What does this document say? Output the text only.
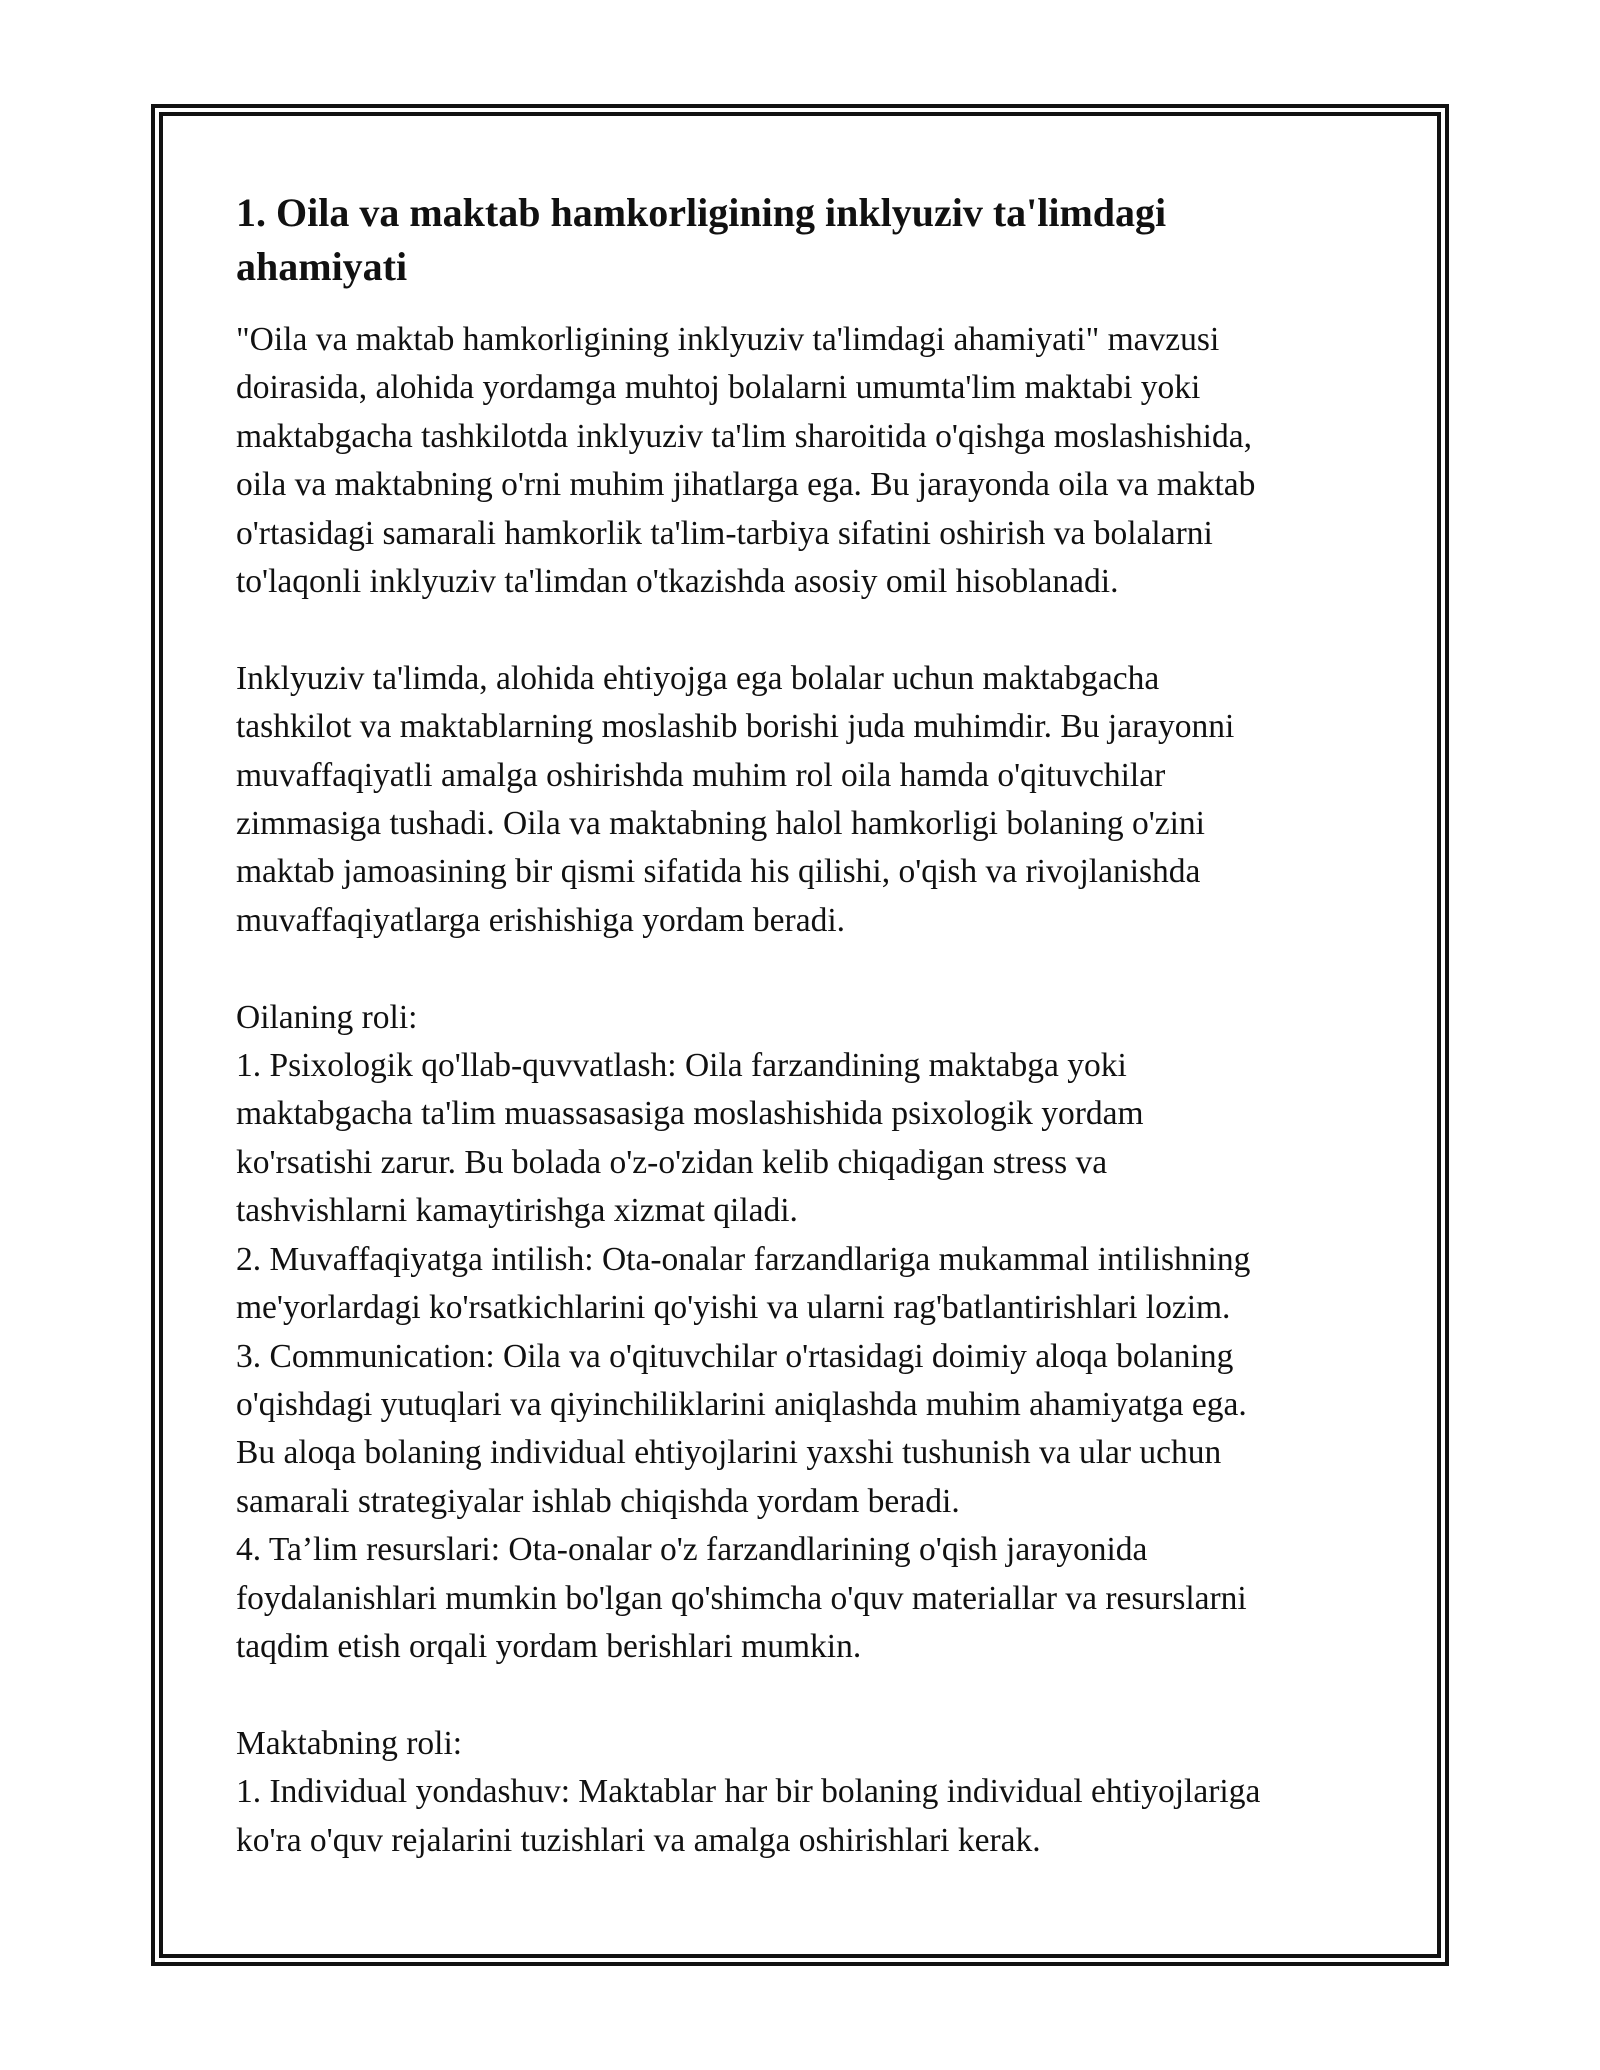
1. Oila va maktab hamkorligining inklyuziv ta'limdagi
ahamiyati

"Oila va maktab hamkorligining inklyuziv ta'limdagi ahamiyati" mavzusi
doirasida, alohida yordamga muhtoj bolalarni umumta'lim maktabi yoki
maktabgacha tashkilotda inklyuziv ta'lim sharoitida o'qishga moslashishida,
oila va maktabning o'rni muhim jihatlarga ega. Bu jarayonda oila va maktab
o'rtasidagi samarali hamkorlik ta'lim-tarbiya sifatini oshirish va bolalarni
to'laqonli inklyuziv ta'limdan o'tkazishda asosiy omil hisoblanadi.

Inklyuziv ta'limda, alohida ehtiyojga ega bolalar uchun maktabgacha
tashkilot va maktablarning moslashib borishi juda muhimdir. Bu jarayonni
muvaffaqiyatli amalga oshirishda muhim rol oila hamda o'qituvchilar
zimmasiga tushadi. Oila va maktabning halol hamkorligi bolaning o'zini
maktab jamoasining bir qismi sifatida his qilishi, o'qish va rivojlanishda
muvaffaqiyatlarga erishishiga yordam beradi.

Oilaning roli:
1. Psixologik qo'llab-quvvatlash: Oila farzandining maktabga yoki
maktabgacha ta'lim muassasasiga moslashishida psixologik yordam
ko'rsatishi zarur. Bu bolada o'z-o'zidan kelib chiqadigan stress va
tashvishlarni kamaytirishga xizmat qiladi.
2. Muvaffaqiyatga intilish: Ota-onalar farzandlariga mukammal intilishning
me'yorlardagi ko'rsatkichlarini qo'yishi va ularni rag'batlantirishlari lozim.
3. Communication: Oila va o'qituvchilar o'rtasidagi doimiy aloqa bolaning
o'qishdagi yutuqlari va qiyinchiliklarini aniqlashda muhim ahamiyatga ega.
Bu aloqa bolaning individual ehtiyojlarini yaxshi tushunish va ular uchun
samarali strategiyalar ishlab chiqishda yordam beradi.
4. Ta’lim resurslari: Ota-onalar o'z farzandlarining o'qish jarayonida
foydalanishlari mumkin bo'lgan qo'shimcha o'quv materiallar va resurslarni
taqdim etish orqali yordam berishlari mumkin.

Maktabning roli:
1. Individual yondashuv: Maktablar har bir bolaning individual ehtiyojlariga
ko'ra o'quv rejalarini tuzishlari va amalga oshirishlari kerak.
